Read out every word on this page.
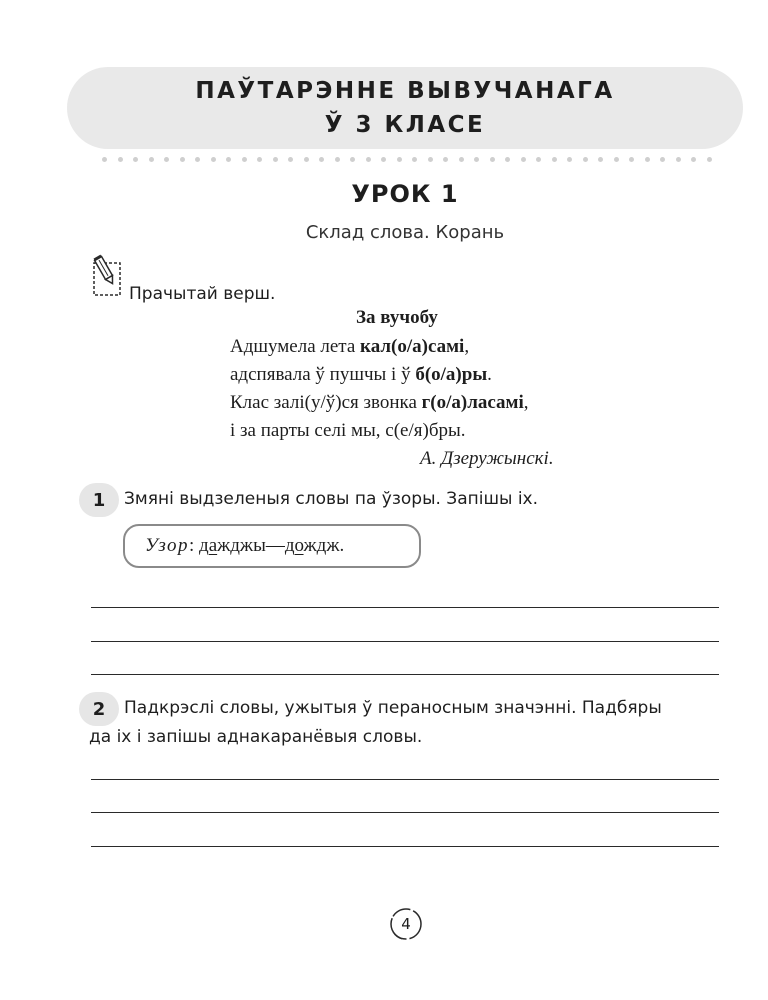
ПАЎТАРЭННЕ ВЫВУЧАНАГА
Ў 3 КЛАСЕ
УРОК 1
Склад слова. Корань
Прачытай верш.
За вучобу
Адшумела лета кал(о/а)самі,
адспявала ў пушчы і ў б(о/а)ры.
Клас залі(у/ў)ся звонка г(о/а)ласамі,
і за парты селі мы, с(е/я)бры.
А. Дзеружынскі.
1	Змяні выдзеленыя словы па ўзоры. Запішы іх.
Узор :
дажджы — дождж.
2	Падкрэслі словы, ужытыя ў пераносным значэнні. Падбяры
да іх і запішы аднакаранёвыя словы.
4
